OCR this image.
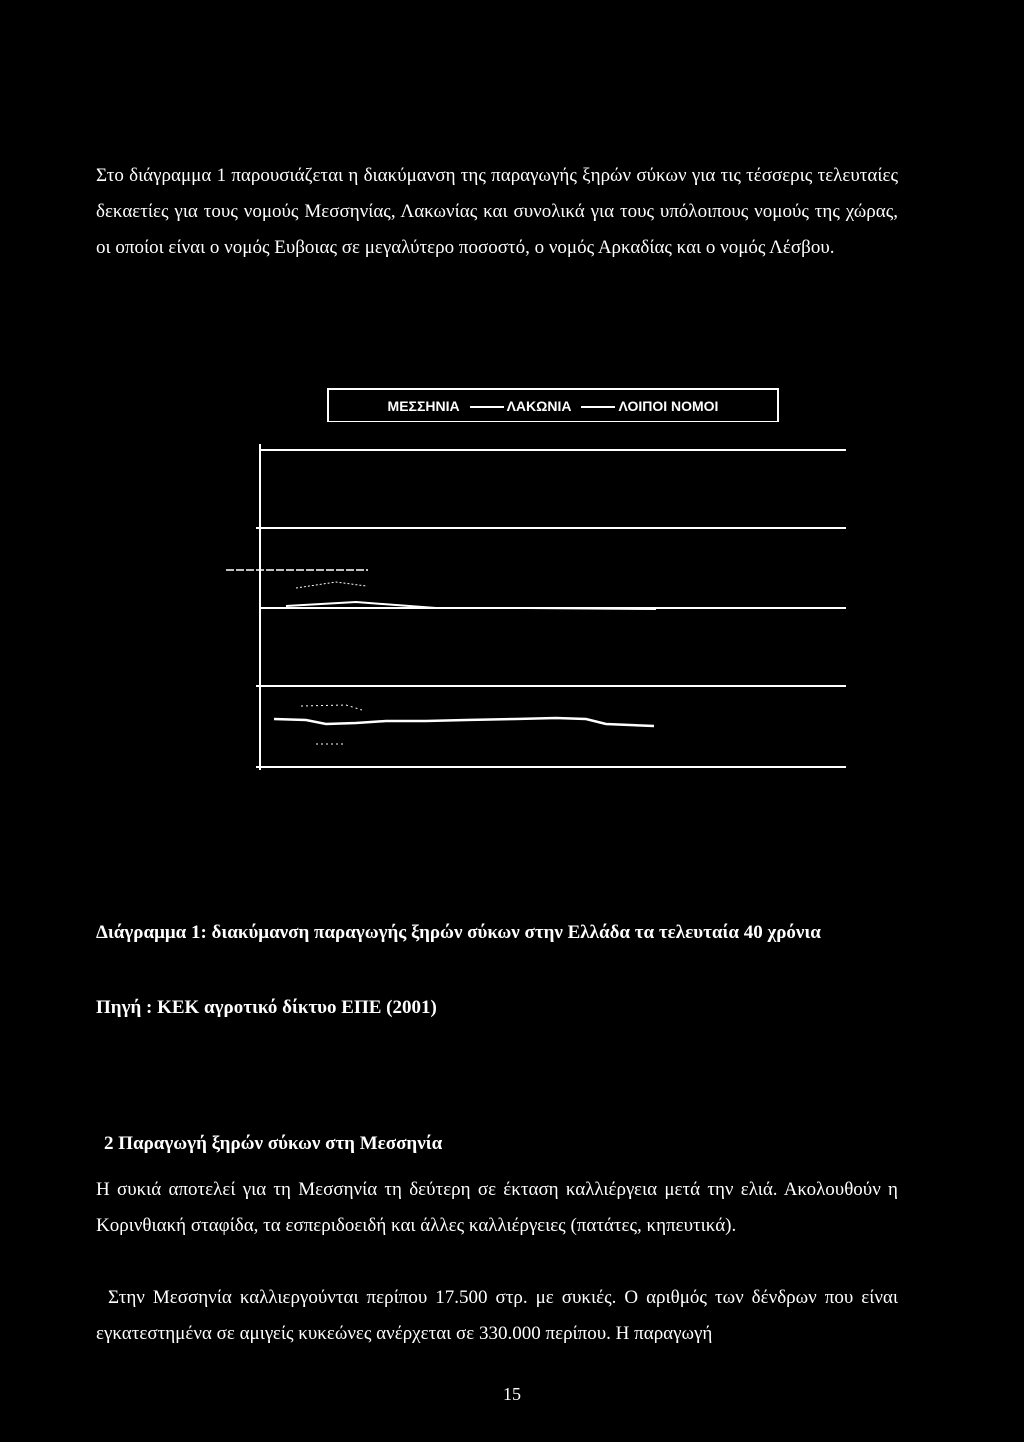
Στο διάγραμμα 1 παρουσιάζεται η διακύμανση της παραγωγής ξηρών σύκων για τις τέσσερις τελευταίες δεκαετίες για τους νομούς Μεσσηνίας, Λακωνίας και συνολικά για τους υπόλοιπους νομούς της χώρας, οι οποίοι είναι ο νομός Ευβοιας σε μεγαλύτερο ποσοστό, ο νομός Αρκαδίας και ο νομός Λέσβου.
ΜΕΣΣΗΝΙΑ	ΛΑΚΩΝΙΑ	ΛΟΙΠΟΙ ΝΟΜΟΙ
Διάγραμμα 1: διακύμανση παραγωγής ξηρών σύκων στην Ελλάδα τα τελευταία 40 χρόνια
Πηγή : ΚΕΚ αγροτικό δίκτυο ΕΠΕ (2001)
2 Παραγωγή ξηρών σύκων στη Μεσσηνία
Η συκιά αποτελεί για τη Μεσσηνία τη δεύτερη σε έκταση καλλιέργεια μετά την ελιά. Ακολουθούν η Κορινθιακή σταφίδα, τα εσπεριδοειδή και άλλες καλλιέργειες (πατάτες, κηπευτικά).
Στην Μεσσηνία καλλιεργούνται περίπου 17.500 στρ. με συκιές. Ο αριθμός των δένδρων που είναι εγκατεστημένα σε αμιγείς κυκεώνες ανέρχεται σε 330.000 περίπου. Η παραγωγή
15
